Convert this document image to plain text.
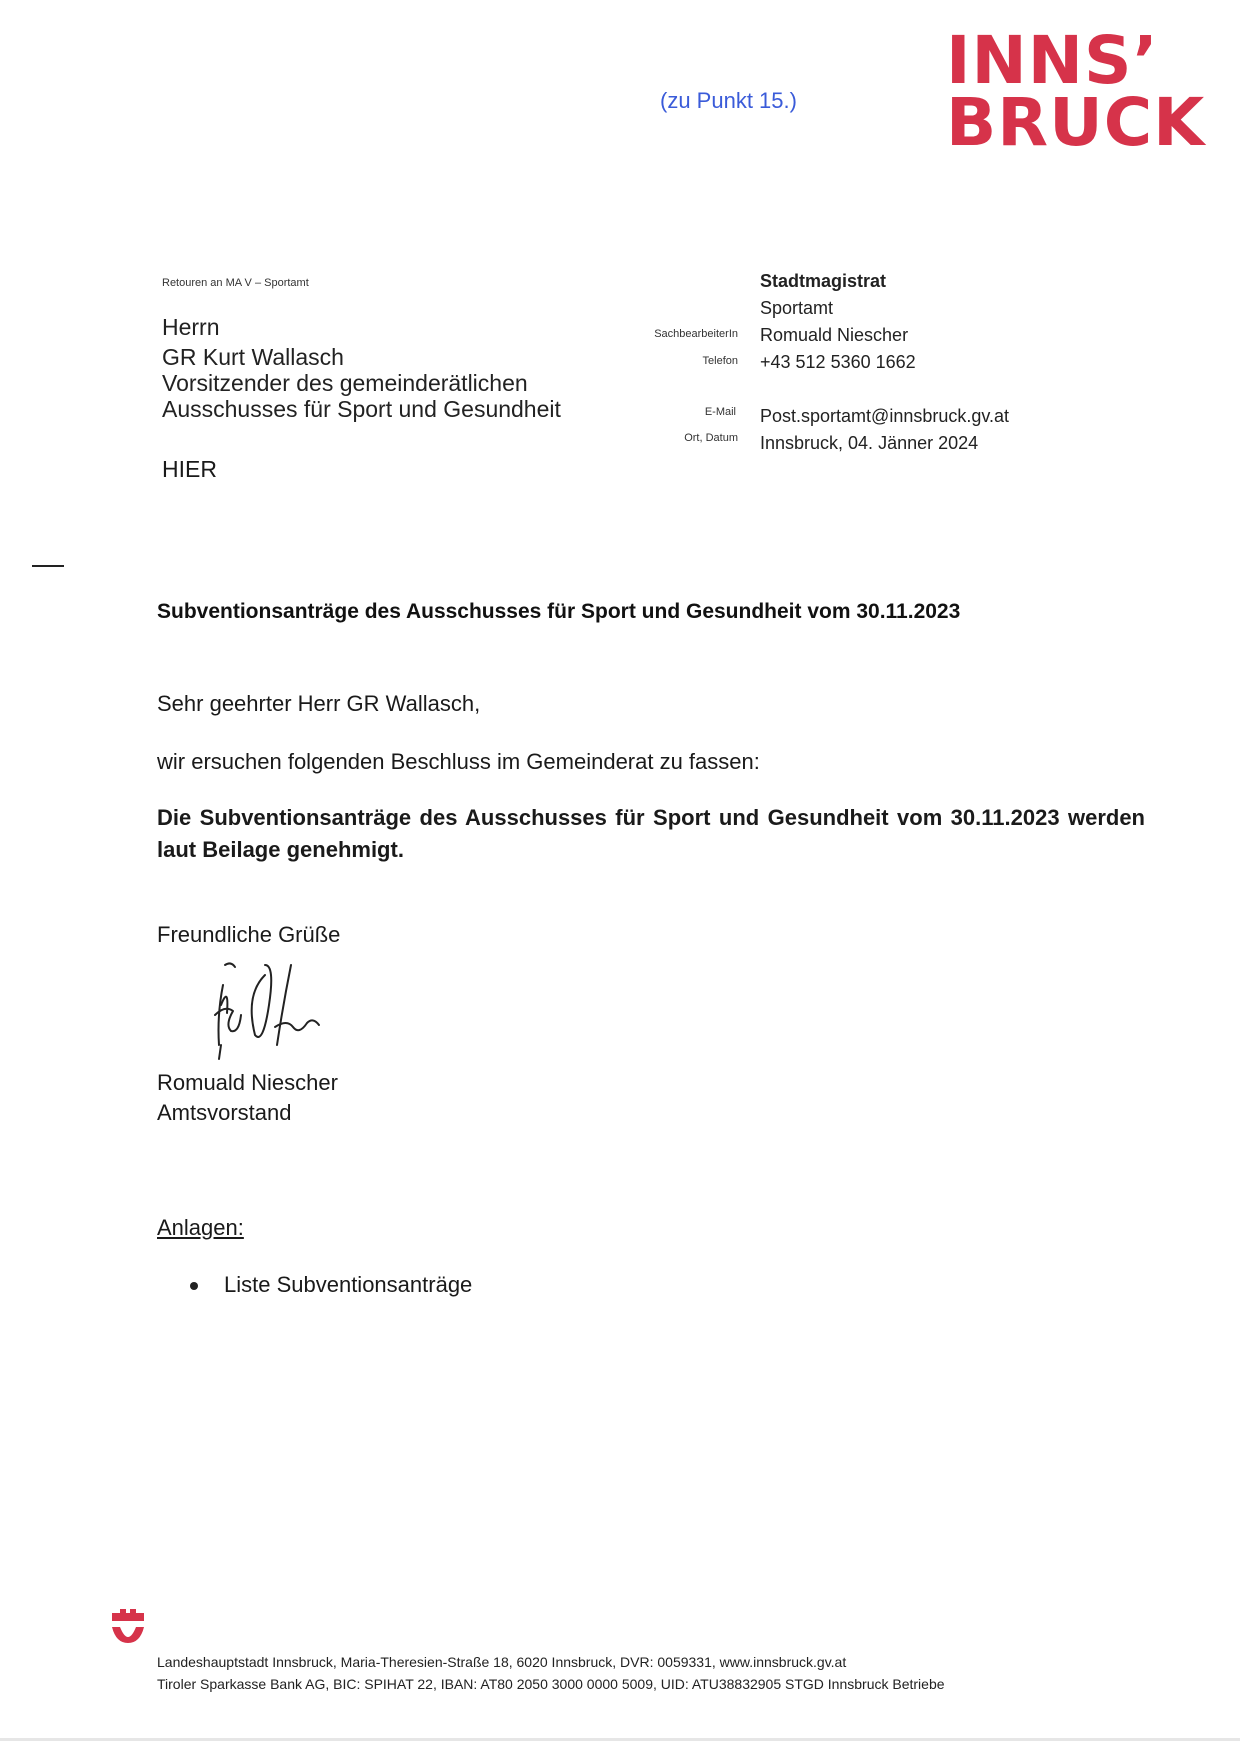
(zu Punkt 15.)
INNS’
BRUCK
Retouren an MA V – Sportamt
Herrn
GR Kurt Wallasch
Vorsitzender des gemeinderätlichen
Ausschusses für Sport und Gesundheit
HIER
SachbearbeiterIn
Telefon
E-Mail
Ort, Datum
Stadtmagistrat
Sportamt
Romuald Niescher
+43 512 5360 1662
Post.sportamt@innsbruck.gv.at
Innsbruck, 04. Jänner 2024
Subventionsanträge des Ausschusses für Sport und Gesundheit vom 30.11.2023
Sehr geehrter Herr GR Wallasch,
wir ersuchen folgenden Beschluss im Gemeinderat zu fassen:
Die Subventionsanträge des Ausschusses für Sport und Gesundheit vom 30.11.2023 werden laut Beilage genehmigt.
Freundliche Grüße
Romuald Niescher
Amtsvorstand
Anlagen:
Liste Subventionsanträge
Landeshauptstadt Innsbruck, Maria-Theresien-Straße 18, 6020 Innsbruck, DVR: 0059331, www.innsbruck.gv.at
Tiroler Sparkasse Bank AG, BIC: SPIHAT 22, IBAN: AT80 2050 3000 0000 5009, UID: ATU38832905 STGD Innsbruck Betriebe
